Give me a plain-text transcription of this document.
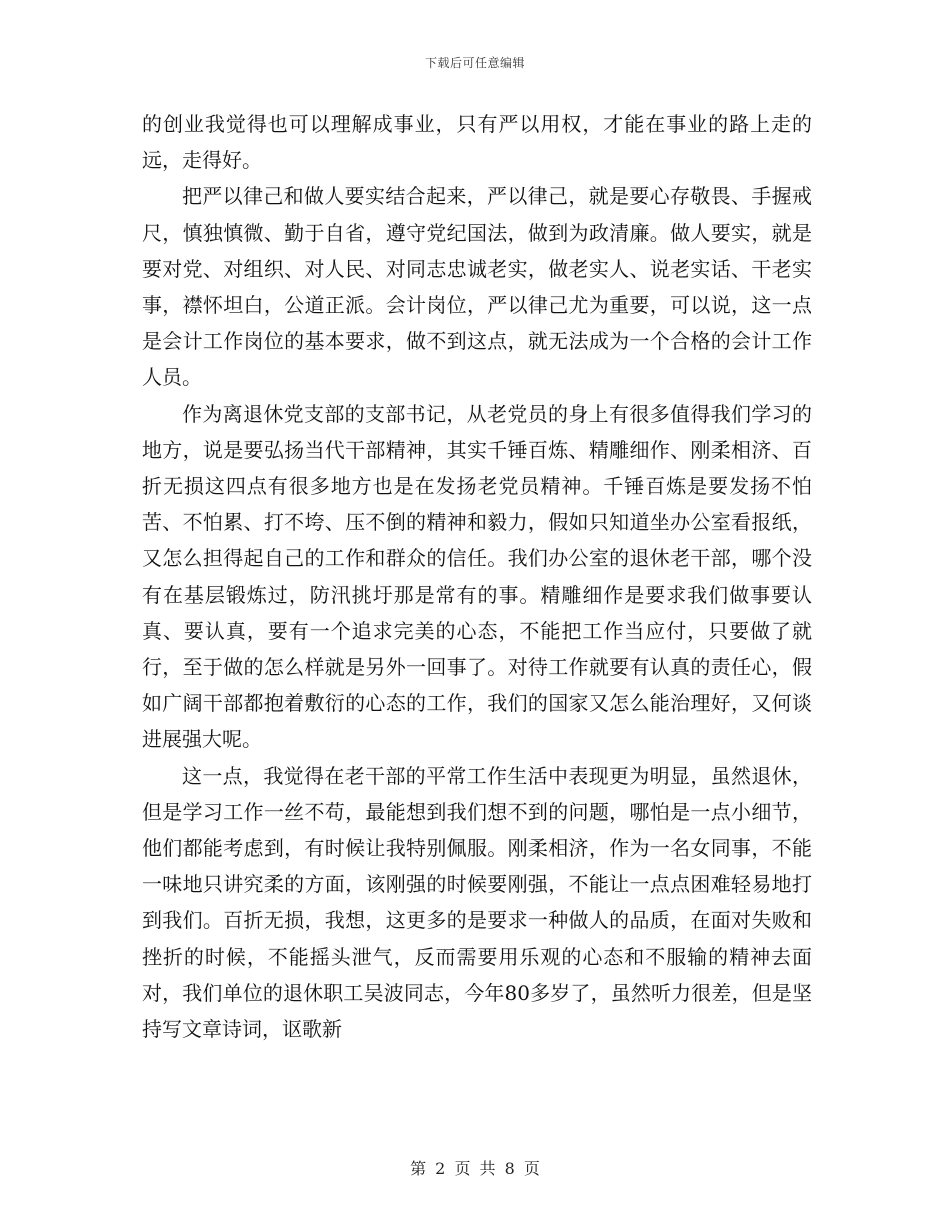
下载后可任意编辑

的创业我觉得也可以理解成事业，只有严以用权，才能在事业的路上走的远，走得好。

把严以律己和做人要实结合起来，严以律己，就是要心存敬畏、手握戒尺，慎独慎微、勤于自省，遵守党纪国法，做到为政清廉。做人要实，就是要对党、对组织、对人民、对同志忠诚老实，做老实人、说老实话、干老实事，襟怀坦白，公道正派。会计岗位，严以律己尤为重要，可以说，这一点是会计工作岗位的基本要求，做不到这点，就无法成为一个合格的会计工作人员。

作为离退休党支部的支部书记，从老党员的身上有很多值得我们学习的地方，说是要弘扬当代干部精神，其实千锤百炼、精雕细作、刚柔相济、百折无损这四点有很多地方也是在发扬老党员精神。千锤百炼是要发扬不怕苦、不怕累、打不垮、压不倒的精神和毅力，假如只知道坐办公室看报纸，又怎么担得起自己的工作和群众的信任。我们办公室的退休老干部，哪个没有在基层锻炼过，防汛挑圩那是常有的事。精雕细作是要求我们做事要认真、要认真，要有一个追求完美的心态，不能把工作当应付，只要做了就行，至于做的怎么样就是另外一回事了。对待工作就要有认真的责任心，假如广阔干部都抱着敷衍的心态的工作，我们的国家又怎么能治理好，又何谈进展强大呢。

这一点，我觉得在老干部的平常工作生活中表现更为明显，虽然退休，但是学习工作一丝不苟，最能想到我们想不到的问题，哪怕是一点小细节，他们都能考虑到，有时候让我特别佩服。刚柔相济，作为一名女同事，不能一味地只讲究柔的方面，该刚强的时候要刚强，不能让一点点困难轻易地打到我们。百折无损，我想，这更多的是要求一种做人的品质，在面对失败和挫折的时候，不能摇头泄气，反而需要用乐观的心态和不服输的精神去面对，我们单位的退休职工吴波同志，今年80多岁了，虽然听力很差，但是坚持写文章诗词，讴歌新

第 2 页 共 8 页
